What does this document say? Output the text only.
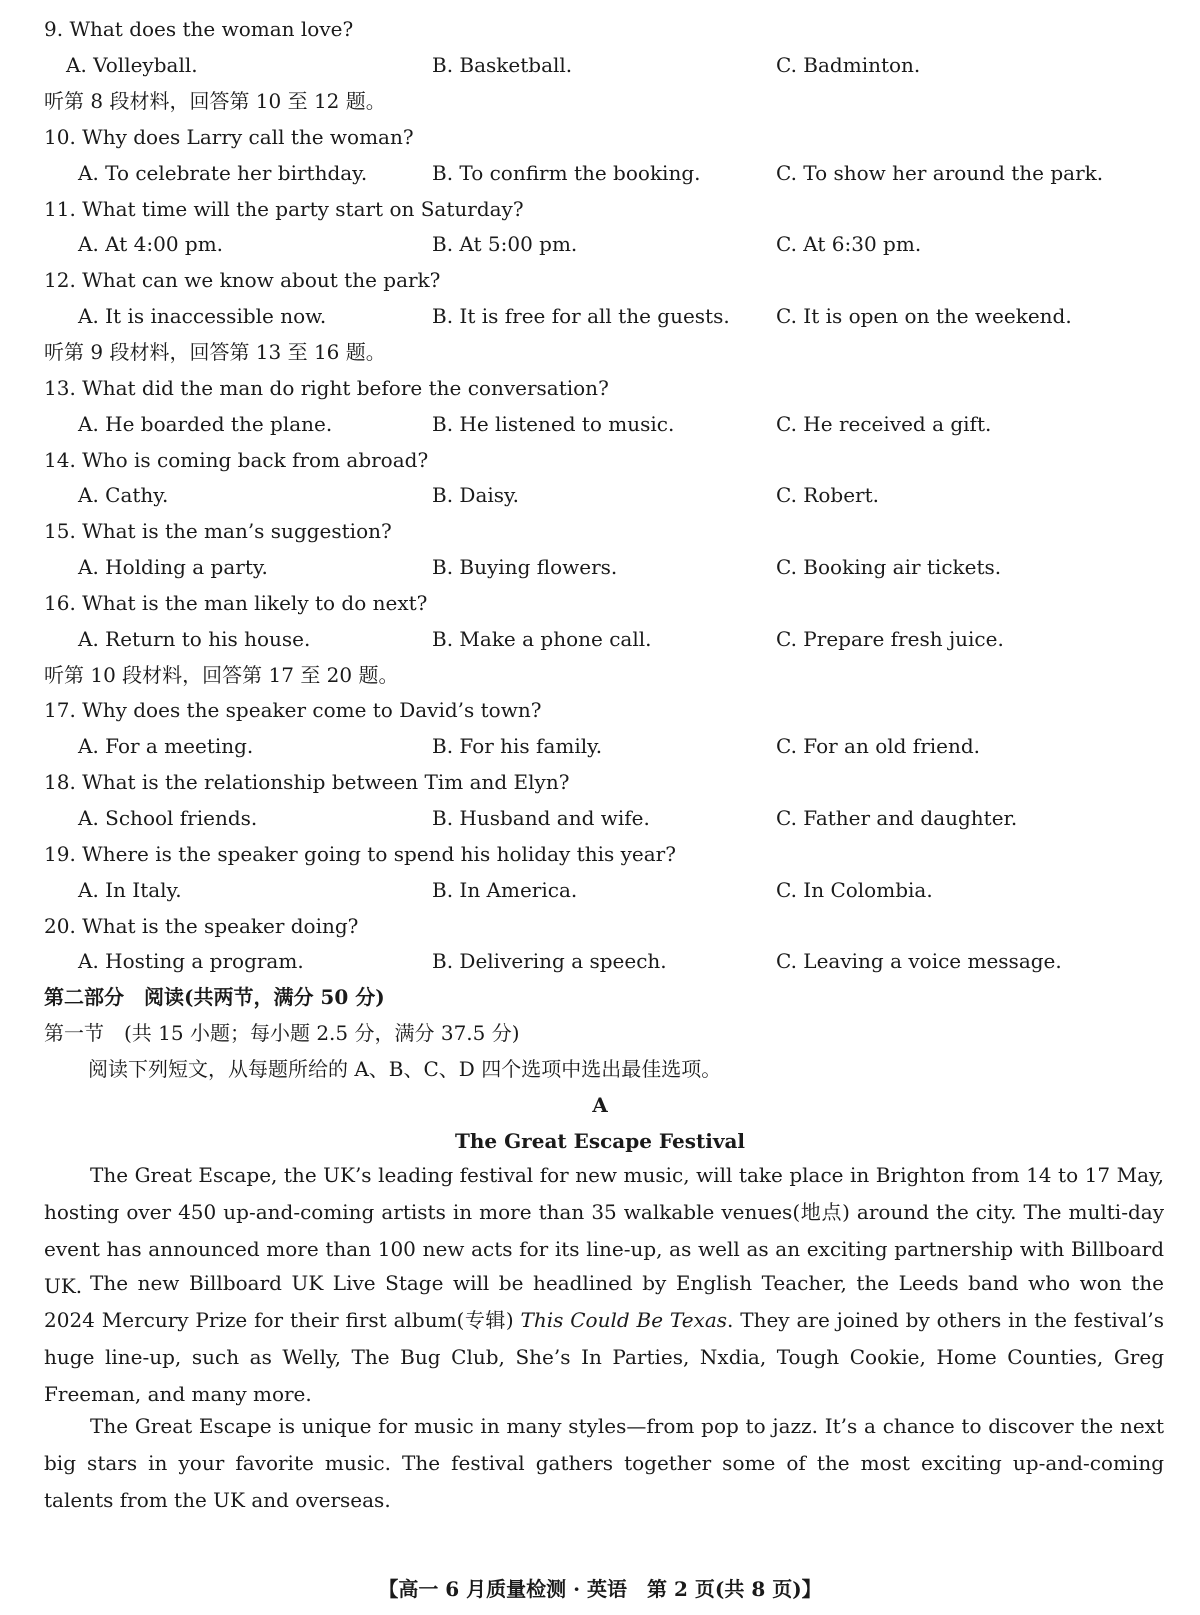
9. What does the woman love?
A. Volleyball.	B. Basketball.	C. Badminton.
听第 8 段材料，回答第 10 至 12 题。
10. Why does Larry call the woman?
A. To celebrate her birthday.	B. To confirm the booking.	C. To show her around the park.
11. What time will the party start on Saturday?
A. At 4:00 pm.	B. At 5:00 pm.	C. At 6:30 pm.
12. What can we know about the park?
A. It is inaccessible now.	B. It is free for all the guests. C. It is open on the weekend.
听第 9 段材料，回答第 13 至 16 题。
13. What did the man do right before the conversation?
A. He boarded the plane.	B. He listened to music.	C. He received a gift.
14. Who is coming back from abroad?
A. Cathy.	B. Daisy.	C. Robert.
15. What is the man’s suggestion?
A. Holding a party.	B. Buying flowers.	C. Booking air tickets.
16. What is the man likely to do next?
A. Return to his house.	B. Make a phone call.	C. Prepare fresh juice.
听第 10 段材料，回答第 17 至 20 题。
17. Why does the speaker come to David’s town?
A. For a meeting.	B. For his family.	C. For an old friend.
18. What is the relationship between Tim and Elyn?
A. School friends.	B. Husband and wife.	C. Father and daughter.
19. Where is the speaker going to spend his holiday this year?
A. In Italy.	B. In America.	C. In Colombia.
20. What is the speaker doing?
A. Hosting a program.	B. Delivering a speech.	C. Leaving a voice message.
第二部分　阅读(共两节，满分 50 分)
第一节　(共 15 小题；每小题 2.5 分，满分 37.5 分)
阅读下列短文，从每题所给的 A、B、C、D 四个选项中选出最佳选项。
A
The Great Escape Festival

The Great Escape, the UK’s leading festival for new music, will take place in Brighton from 14 to 17 May, hosting over 450 up-and-coming artists in more than 35 walkable venues(地点) around the city. The multi-day event has announced more than 100 new acts for its line-up, as well as an exciting partnership with Billboard UK. The new Billboard UK Live Stage will be headlined by English Teacher, the Leeds band who won the 2024 Mercury Prize for their first album(专辑) This Could Be Texas. They are joined by others in the festival’s huge line-up, such as Welly, The Bug Club, She’s In Parties, Nxdia, Tough Cookie, Home Counties, Greg Freeman, and many more.

The Great Escape is unique for music in many styles—from pop to jazz. It’s a chance to discover the next big stars in your favorite music. The festival gathers together some of the most exciting up-and-coming talents from the UK and overseas.

【高一 6 月质量检测 · 英语　第 2 页(共 8 页)】
